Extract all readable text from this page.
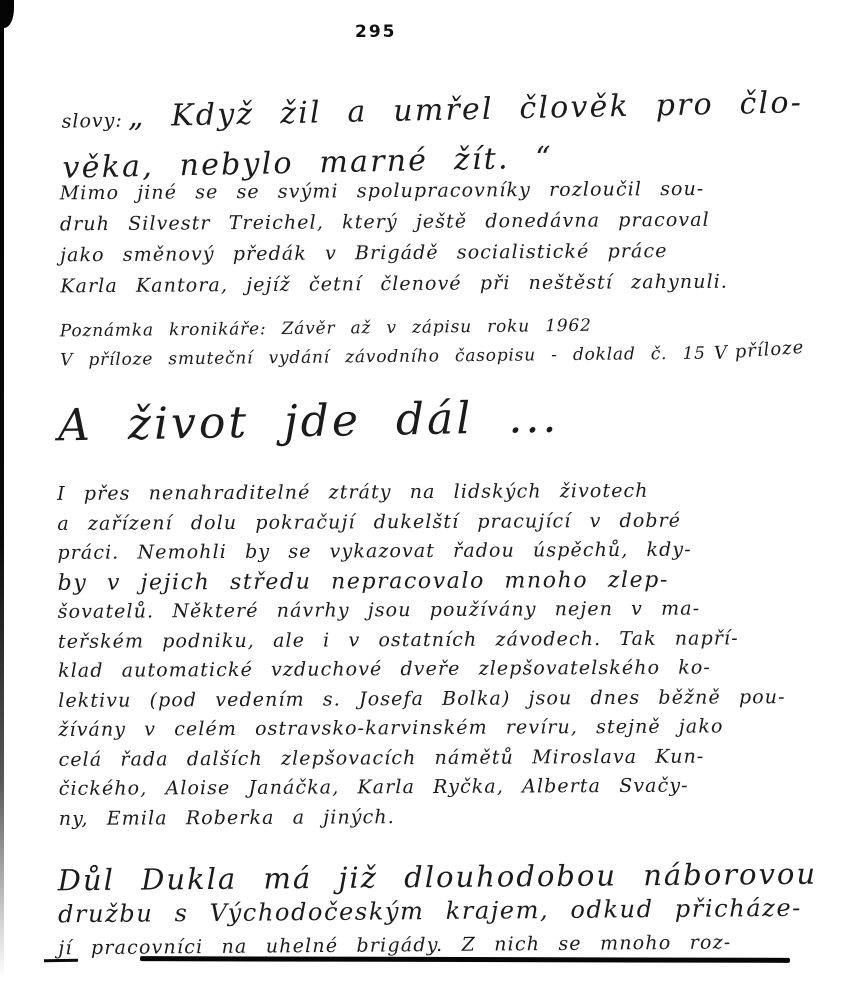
295
slovy: „ Když žil a umřel člověk pro člo-
věka, nebylo marné žít. “
Mimo jiné se se svými spolupracovníky rozloučil sou-
druh Silvestr Treichel, který ještě donedávna pracoval
jako směnový předák v Brigádě socialistické práce
Karla Kantora, jejíž četní členové při neštěstí zahynuli.
Poznámka kronikáře: Závěr až v zápisu roku 1962
V příloze smuteční vydání závodního časopisu - doklad č. 15 V příloze
A život jde dál ...
I přes nenahraditelné ztráty na lidských životech
a zařízení dolu pokračují dukelští pracující v dobré
práci. Nemohli by se vykazovat řadou úspěchů, kdy-
by v jejich středu nepracovalo mnoho zlep-
šovatelů. Některé návrhy jsou používány nejen v ma-
teřském podniku, ale i v ostatních závodech. Tak napří-
klad automatické vzduchové dveře zlepšovatelského ko-
lektivu (pod vedením s. Josefa Bolka) jsou dnes běžně pou-
žívány v celém ostravsko-karvinském revíru, stejně jako
celá řada dalších zlepšovacích námětů Miroslava Kun-
čického, Aloise Janáčka, Karla Ryčka, Alberta Svačy-
ny, Emila Roberka a jiných.
Důl Dukla má již dlouhodobou náborovou
družbu s Východočeským krajem, odkud přicháze-
jí pracovníci na uhelné brigády. Z nich se mnoho roz-
